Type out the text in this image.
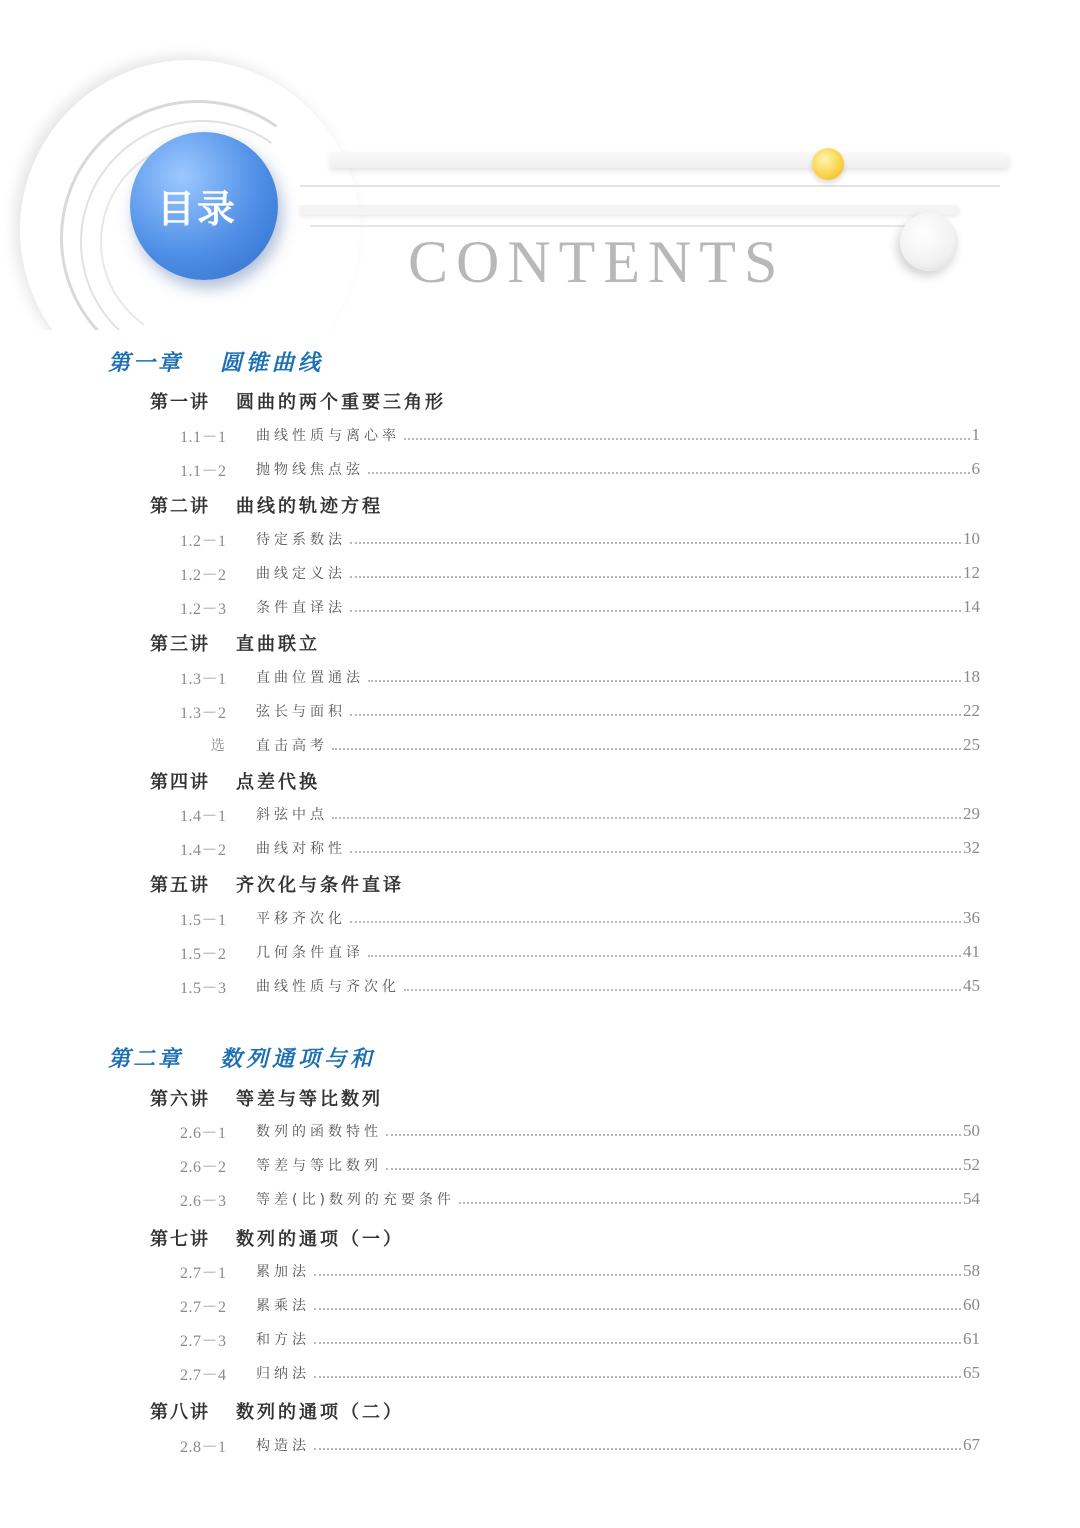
目录
CONTENTS
第一章 圆锥曲线
第一讲 圆曲的两个重要三角形
1.1－1	曲线性质与离心率	1
1.1－2	抛物线焦点弦	6
第二讲 曲线的轨迹方程
1.2－1	待定系数法	10
1.2－2	曲线定义法	12
1.2－3	条件直译法	14
第三讲 直曲联立
1.3－1	直曲位置通法	18
1.3－2	弦长与面积	22
选	直击高考	25
第四讲 点差代换
1.4－1	斜弦中点	29
1.4－2	曲线对称性	32
第五讲 齐次化与条件直译
1.5－1	平移齐次化	36
1.5－2	几何条件直译	41
1.5－3	曲线性质与齐次化	45
第二章 数列通项与和
第六讲 等差与等比数列
2.6－1	数列的函数特性	50
2.6－2	等差与等比数列	52
2.6－3	等差(比)数列的充要条件	54
第七讲 数列的通项（一）
2.7－1	累加法	58
2.7－2	累乘法	60
2.7－3	和方法	61
2.7－4	归纳法	65
第八讲 数列的通项（二）
2.8－1	构造法	67
